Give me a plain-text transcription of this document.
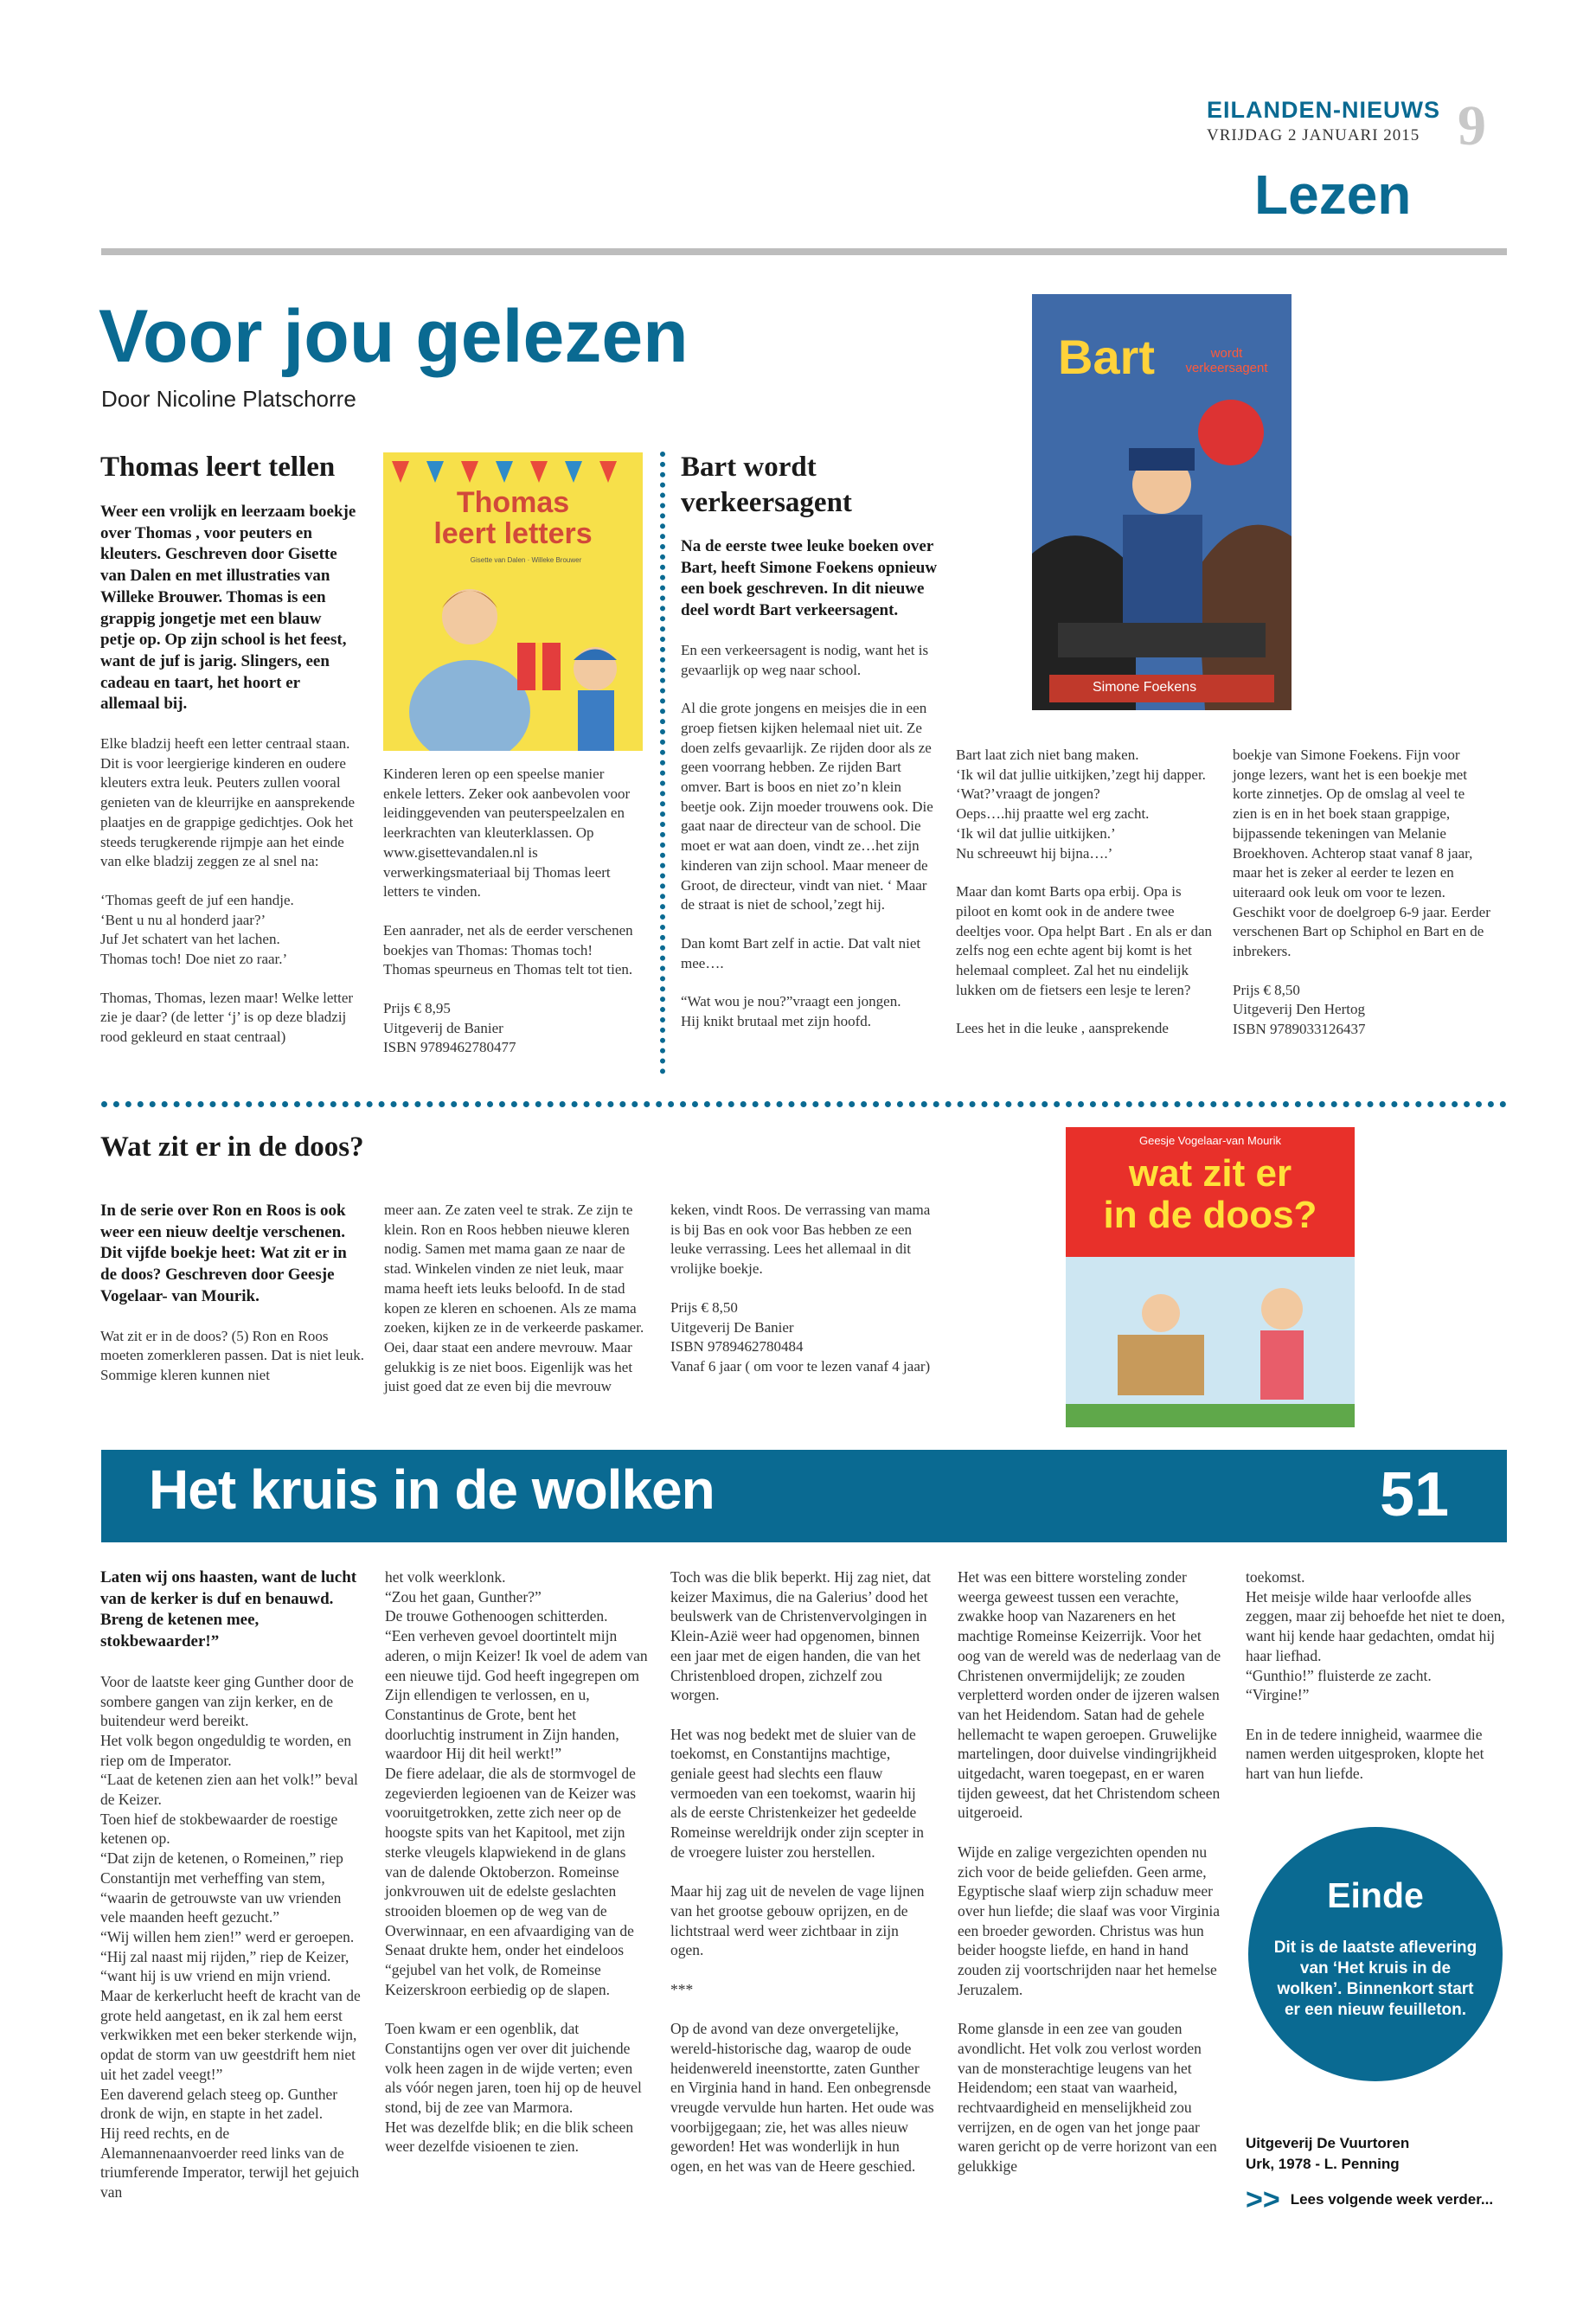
EILANDEN-NIEUWS
VRIJDAG 2 JANUARI 2015 9
Lezen
Voor jou gelezen
Door Nicoline Platschorre
Thomas leert tellen
Weer een vrolijk en leerzaam boekje over Thomas , voor peuters en kleuters. Geschreven door Gisette van Dalen en met illustraties van Willeke Brouwer. Thomas is een grappig jongetje met een blauw petje op. Op zijn school is het feest, want de juf is jarig. Slingers, een cadeau en taart, het hoort er allemaal bij.

Elke bladzij heeft een letter centraal staan. Dit is voor leergierige kinderen en oudere kleuters extra leuk. Peuters zullen vooral genieten van de kleurrijke en aansprekende plaatjes en de grappige gedichtjes. Ook het steeds terugkerende rijmpje aan het einde van elke bladzij zeggen ze al snel na:

‘Thomas geeft de juf een handje.
‘Bent u nu al honderd jaar?’
Juf Jet schatert van het lachen.
Thomas toch! Doe niet zo raar.’

Thomas, Thomas, lezen maar! Welke letter zie je daar? (de letter ‘j’ is op deze bladzij rood gekleurd en staat centraal)

Thomas leert letters
Gisette van Dalen · Willeke Brouwer

Kinderen leren op een speelse manier enkele letters. Zeker ook aanbevolen voor leidinggevenden van peuterspeelzalen en leerkrachten van kleuterklassen. Op www.gisettevandalen.nl is verwerkingsmateriaal bij Thomas leert letters te vinden.

Een aanrader, net als de eerder verschenen boekjes van Thomas: Thomas toch! Thomas speurneus en Thomas telt tot tien.

Prijs € 8,95
Uitgeverij de Banier
ISBN 9789462780477

Bart wordt verkeersagent
Na de eerste twee leuke boeken over Bart, heeft Simone Foekens opnieuw een boek geschreven. In dit nieuwe deel wordt Bart verkeersagent.

En een verkeersagent is nodig, want het is gevaarlijk op weg naar school.

Al die grote jongens en meisjes die in een groep fietsen kijken helemaal niet uit. Ze doen zelfs gevaarlijk. Ze rijden door als ze geen voorrang hebben. Ze rijden Bart omver. Bart is boos en niet zo’n klein beetje ook. Zijn moeder trouwens ook. Die gaat naar de directeur van de school. Die moet er wat aan doen, vindt ze…het zijn kinderen van zijn school. Maar meneer de Groot, de directeur, vindt van niet. ‘ Maar de straat is niet de school,’zegt hij.

Dan komt Bart zelf in actie. Dat valt niet mee….

“Wat wou je nou?”vraagt een jongen.
Hij knikt brutaal met zijn hoofd.

Bart	wordt verkeersagent
Simone Foekens

Bart laat zich niet bang maken.
‘Ik wil dat jullie uitkijken,’zegt hij dapper.
‘Wat?’vraagt de jongen?
Oeps….hij praatte wel erg zacht.
‘Ik wil dat jullie uitkijken.’
Nu schreeuwt hij bijna….’

Maar dan komt Barts opa erbij. Opa is piloot en komt ook in de andere twee deeltjes voor. Opa helpt Bart . En als er dan zelfs nog een echte agent bij komt is het helemaal compleet. Zal het nu eindelijk lukken om de fietsers een lesje te leren?

Lees het in die leuke , aansprekende

boekje van Simone Foekens. Fijn voor jonge lezers, want het is een boekje met korte zinnetjes. Op de omslag al veel te zien is en in het boek staan grappige, bijpassende tekeningen van Melanie Broekhoven. Achterop staat vanaf 8 jaar, maar het is zeker al eerder te lezen en uiteraard ook leuk om voor te lezen. Geschikt voor de doelgroep 6-9 jaar. Eerder verschenen Bart op Schiphol en Bart en de inbrekers.

Prijs € 8,50
Uitgeverij Den Hertog
ISBN 9789033126437

Wat zit er in de doos?
In de serie over Ron en Roos is ook weer een nieuw deeltje verschenen. Dit vijfde boekje heet: Wat zit er in de doos? Geschreven door Geesje Vogelaar- van Mourik.

Wat zit er in de doos? (5) Ron en Roos moeten zomerkleren passen. Dat is niet leuk. Sommige kleren kunnen niet

meer aan. Ze zaten veel te strak. Ze zijn te klein. Ron en Roos hebben nieuwe kleren nodig. Samen met mama gaan ze naar de stad. Winkelen vinden ze niet leuk, maar mama heeft iets leuks beloofd. In de stad kopen ze kleren en schoenen. Als ze mama zoeken, kijken ze in de verkeerde paskamer. Oei, daar staat een andere mevrouw. Maar gelukkig is ze niet boos. Eigenlijk was het juist goed dat ze even bij die mevrouw

keken, vindt Roos. De verrassing van mama is bij Bas en ook voor Bas hebben ze een leuke verrassing. Lees het allemaal in dit vrolijke boekje.

Prijs € 8,50
Uitgeverij De Banier
ISBN 9789462780484
Vanaf 6 jaar ( om voor te lezen vanaf 4 jaar)

Geesje Vogelaar-van Mourik
wat zit er
in de doos?
Het kruis in de wolken	51
Laten wij ons haasten, want de lucht van de kerker is duf en benauwd. Breng de ketenen mee, stokbewaarder!”
Voor de laatste keer ging Gunther door de sombere gangen van zijn kerker, en de buitendeur werd bereikt.
Het volk begon ongeduldig te worden, en riep om de Imperator.
“Laat de ketenen zien aan het volk!” beval de Keizer.
Toen hief de stokbewaarder de roestige ketenen op.
“Dat zijn de ketenen, o Romeinen,” riep Constantijn met verheffing van stem, “waarin de getrouwste van uw vrienden vele maanden heeft gezucht.”
“Wij willen hem zien!” werd er geroepen.
“Hij zal naast mij rijden,” riep de Keizer, “want hij is uw vriend en mijn vriend. Maar de kerkerlucht heeft de kracht van de grote held aangetast, en ik zal hem eerst verkwikken met een beker sterkende wijn, opdat de storm van uw geestdrift hem niet uit het zadel veegt!”
Een daverend gelach steeg op. Gunther dronk de wijn, en stapte in het zadel.
Hij reed rechts, en de Alemannenaanvoerder reed links van de triumferende Imperator, terwijl het gejuich van
het volk weerklonk.
“Zou het gaan, Gunther?”
De trouwe Gothenoogen schitterden.
“Een verheven gevoel doortintelt mijn aderen, o mijn Keizer! Ik voel de adem van een nieuwe tijd. God heeft ingegrepen om Zijn ellendigen te verlossen, en u, Constantinus de Grote, bent het doorluchtig instrument in Zijn handen, waardoor Hij dit heil werkt!”
De fiere adelaar, die als de stormvogel de zegevierden legioenen van de Keizer was vooruitgetrokken, zette zich neer op de hoogste spits van het Kapitool, met zijn sterke vleugels klapwiekend in de glans van de dalende Oktoberzon. Romeinse jonkvrouwen uit de edelste geslachten strooiden bloemen op de weg van de Overwinnaar, en een afvaardiging van de Senaat drukte hem, onder het eindeloos “gejubel van het volk, de Romeinse Keizerskroon eerbiedig op de slapen.

Toen kwam er een ogenblik, dat Constantijns ogen ver over dit juichende volk heen zagen in de wijde verten; even als vóór negen jaren, toen hij op de heuvel stond, bij de zee van Marmora.
Het was dezelfde blik; en die blik scheen weer dezelfde visioenen te zien.
Toch was die blik beperkt. Hij zag niet, dat keizer Maximus, die na Galerius’ dood het beulswerk van de Christenvervolgingen in Klein-Azië weer had opgenomen, binnen een jaar met de eigen handen, die van het Christenbloed dropen, zichzelf zou worgen.

Het was nog bedekt met de sluier van de toekomst, en Constantijns machtige, geniale geest had slechts een flauw vermoeden van een toekomst, waarin hij als de eerste Christenkeizer het gedeelde Romeinse wereldrijk onder zijn scepter in de vroegere luister zou herstellen.

Maar hij zag uit de nevelen de vage lijnen van het grootse gebouw oprijzen, en de lichtstraal werd weer zichtbaar in zijn ogen.

***

Op de avond van deze onvergetelijke, wereld-historische dag, waarop de oude heidenwereld ineenstortte, zaten Gunther en Virginia hand in hand. Een onbegrensde vreugde vervulde hun harten. Het oude was voorbijgegaan; zie, het was alles nieuw geworden! Het was wonderlijk in hun ogen, en het was van de Heere geschied.
Het was een bittere worsteling zonder weerga geweest tussen een verachte, zwakke hoop van Nazareners en het machtige Romeinse Keizerrijk. Voor het oog van de wereld was de nederlaag van de Christenen onvermijdelijk; ze zouden verpletterd worden onder de ijzeren walsen van het Heidendom. Satan had de gehele hellemacht te wapen geroepen. Gruwelijke martelingen, door duivelse vindingrijkheid uitgedacht, waren toegepast, en er waren tijden geweest, dat het Christendom scheen uitgeroeid.

Wijde en zalige vergezichten openden nu zich voor de beide geliefden. Geen arme, Egyptische slaaf wierp zijn schaduw meer over hun liefde; die slaaf was voor Virginia een broeder geworden. Christus was hun beider hoogste liefde, en hand in hand zouden zij voortschrijden naar het hemelse Jeruzalem.

Rome glansde in een zee van gouden avondlicht. Het volk zou verlost worden van de monsterachtige leugens van het Heidendom; een staat van waarheid, rechtvaardigheid en menselijkheid zou verrijzen, en de ogen van het jonge paar waren gericht op de verre horizont van een gelukkige
toekomst.
Het meisje wilde haar verloofde alles zeggen, maar zij behoefde het niet te doen, want hij kende haar gedachten, omdat hij haar liefhad.
“Gunthio!” fluisterde ze zacht.
“Virgine!”

En in de tedere innigheid, waarmee die namen werden uitgesproken, klopte het hart van hun liefde.
Einde
Dit is de laatste aflevering van ‘Het kruis in de wolken’. Binnenkort start er een nieuw feuilleton.
Uitgeverij De Vuurtoren
Urk, 1978 - L. Penning
>> Lees volgende week verder...
